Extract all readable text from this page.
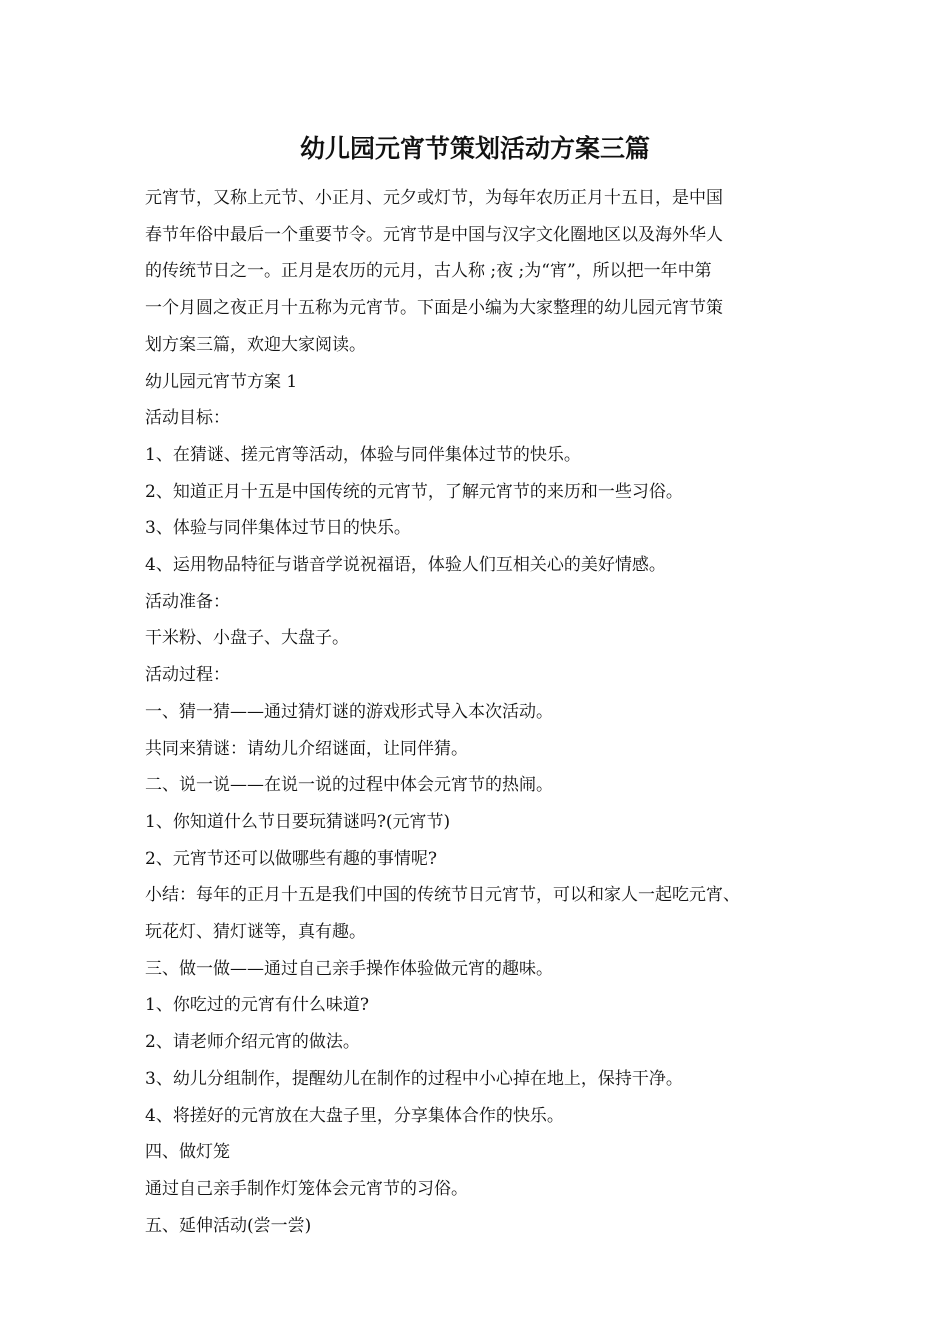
幼儿园元宵节策划活动方案三篇
元宵节，又称上元节、小正月、元夕或灯节，为每年农历正月十五日，是中国
春节年俗中最后一个重要节令。元宵节是中国与汉字文化圈地区以及海外华人
的传统节日之一。正月是农历的元月，古人称 ;夜 ;为“宵”，所以把一年中第
一个月圆之夜正月十五称为元宵节。下面是小编为大家整理的幼儿园元宵节策
划方案三篇，欢迎大家阅读。

幼儿园元宵节方案 1

活动目标：

1、在猜谜、搓元宵等活动，体验与同伴集体过节的快乐。

2、知道正月十五是中国传统的元宵节，了解元宵节的来历和一些习俗。

3、体验与同伴集体过节日的快乐。

4、运用物品特征与谐音学说祝福语，体验人们互相关心的美好情感。

活动准备：

干米粉、小盘子、大盘子。

活动过程：

一、猜一猜——通过猜灯谜的游戏形式导入本次活动。

共同来猜谜：请幼儿介绍谜面，让同伴猜。

二、说一说——在说一说的过程中体会元宵节的热闹。

1、你知道什么节日要玩猜谜吗?(元宵节)

2、元宵节还可以做哪些有趣的事情呢?

小结：每年的正月十五是我们中国的传统节日元宵节，可以和家人一起吃元宵、

玩花灯、猜灯谜等，真有趣。

三、做一做——通过自己亲手操作体验做元宵的趣味。

1、你吃过的元宵有什么味道?

2、请老师介绍元宵的做法。

3、幼儿分组制作，提醒幼儿在制作的过程中小心掉在地上，保持干净。

4、将搓好的元宵放在大盘子里，分享集体合作的快乐。

四、做灯笼

通过自己亲手制作灯笼体会元宵节的习俗。

五、延伸活动(尝一尝)
